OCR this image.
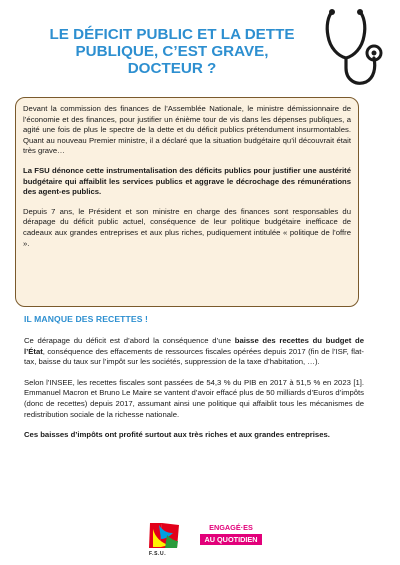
LE DÉFICIT PUBLIC ET LA DETTE
PUBLIQUE, C’EST GRAVE,
DOCTEUR ?

Devant la commission des finances de l’Assemblée Nationale, le ministre démissionnaire de l’économie et des finances, pour justifier un énième tour de vis dans les dépenses publiques, a agité une fois de plus le spectre de la dette et du déficit publics prétendument insurmontables. Quant au nouveau Premier ministre, il a déclaré que la situation budgétaire qu’il découvrait était très grave…

La FSU dénonce cette instrumentalisation des déficits publics pour justifier une austérité budgétaire qui affaiblit les services publics et aggrave le décrochage des rémunérations des agent-es publics.

Depuis 7 ans, le Président et son ministre en charge des finances sont responsables du dérapage du déficit public actuel, conséquence de leur politique budgétaire inefficace de cadeaux aux grandes entreprises et aux plus riches, pudiquement intitulée « politique de l’offre ».

IL MANQUE DES RECETTES !

Ce dérapage du déficit est d’abord la conséquence d’une baisse des recettes du budget de l’État, conséquence des effacements de ressources fiscales opérées depuis 2017 (fin de l’ISF, flat-tax, baisse du taux sur l’impôt sur les sociétés, suppression de la taxe d’habitation, …).

Selon l’INSEE, les recettes fiscales sont passées de 54,3 % du PIB en 2017 à 51,5 % en 2023 [1]. Emmanuel Macron et Bruno Le Maire se vantent d’avoir effacé plus de 50 milliards d’Euros d’impôts (donc de recettes) depuis 2017, assumant ainsi une politique qui affaiblit tous les mécanismes de redistribution sociale de la richesse nationale.

Ces baisses d’impôts ont profité surtout aux très riches et aux grandes entreprises.

F.S.U.
ENGAGÉ·ES
AU QUOTIDIEN
